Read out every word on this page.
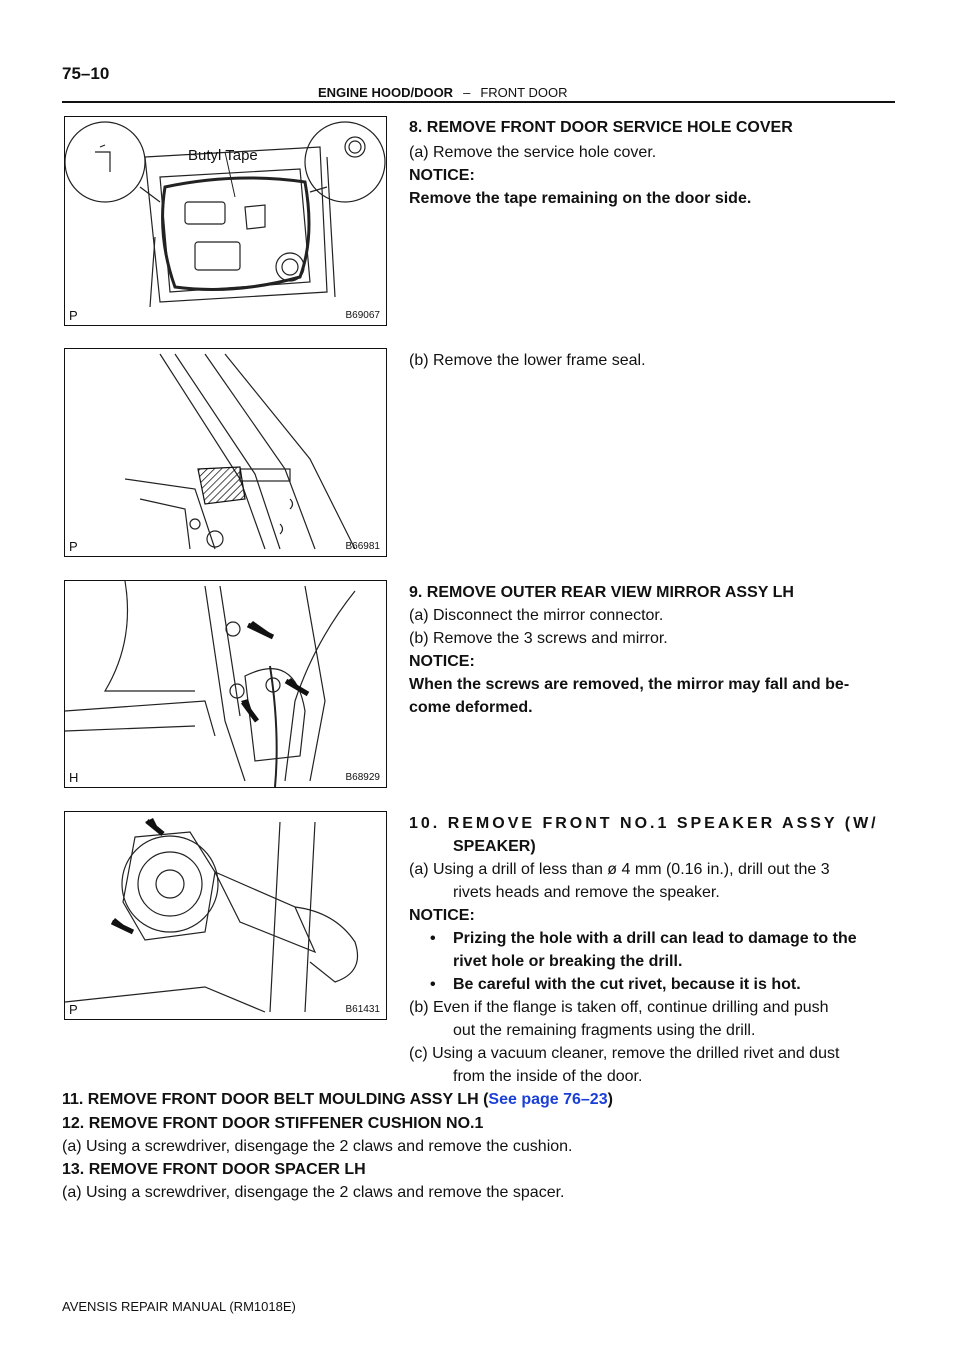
75–10
ENGINE HOOD/DOOR – FRONT DOOR
Butyl Tape
P	B69067
P	B66981
H	B68929
P	B61431
8. REMOVE FRONT DOOR SERVICE HOLE COVER
(a) Remove the service hole cover.
NOTICE:
Remove the tape remaining on the door side.
(b) Remove the lower frame seal.
9. REMOVE OUTER REAR VIEW MIRROR ASSY LH
(a) Disconnect the mirror connector.
(b) Remove the 3 screws and mirror.
NOTICE:
When the screws are removed, the mirror may fall and be-
come deformed.
10. REMOVE FRONT NO.1 SPEAKER ASSY (W/
SPEAKER)
(a) Using a drill of less than ø 4 mm (0.16 in.), drill out the 3
rivets heads and remove the speaker.
NOTICE:
• Prizing the hole with a drill can lead to damage to the
rivet hole or breaking the drill.
• Be careful with the cut rivet, because it is hot.
(b) Even if the flange is taken off, continue drilling and push
out the remaining fragments using the drill.
(c) Using a vacuum cleaner, remove the drilled rivet and dust
from the inside of the door.
11. REMOVE FRONT DOOR BELT MOULDING ASSY LH (See page 76–23)
12. REMOVE FRONT DOOR STIFFENER CUSHION NO.1
(a) Using a screwdriver, disengage the 2 claws and remove the cushion.
13. REMOVE FRONT DOOR SPACER LH
(a) Using a screwdriver, disengage the 2 claws and remove the spacer.
AVENSIS REPAIR MANUAL (RM1018E)
